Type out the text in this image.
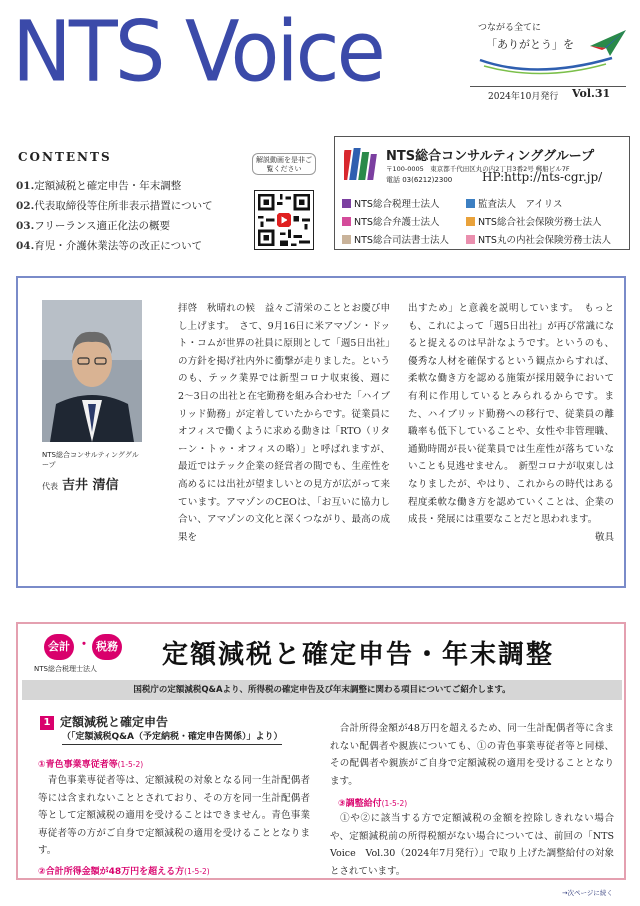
NTS Voice	つながる全てに
「ありがとう」を
2024年10月発行 Vol.31
CONTENTS
01.定額減税と確定申告・年末調整
02.代表取締役等住所非表示措置について
03.フリーランス適正化法の概要
04.育児・介護休業法等の改正について
解説動画を是非ご覧ください
NTS総合コンサルティンググループ
〒100-0005　東京都千代田区丸の内2丁目3番2号 郵船ビル7F
電話 03(6212)2300 HP:http://nts-cgr.jp/
NTS総合税理士法人	監査法人　アイリス
NTS総合弁護士法人	NTS総合社会保険労務士法人
NTS総合司法書士法人	NTS丸の内社会保険労務士法人
NTS総合コンサルティンググループ
代表 吉井 清信
拝啓　秋晴れの候　益々ご清栄のこととお慶び申し上げます。　さて、9月16日に米アマゾン・ドット・コムが世界の社員に原則として「週5日出社」の方針を掲げ社内外に衝撃が走りました。というのも、テック業界では新型コロナ収束後、週に2〜3日の出社と在宅勤務を組み合わせた「ハイブリッド勤務」が定着していたからです。従業員にオフィスで働くように求める動きは「RTO（リターン・トゥ・オフィスの略）」と呼ばれますが、最近ではテック企業の経営者の間でも、生産性を高めるには出社が望ましいとの見方が広がって来ています。アマゾンのCEOは、「お互いに協力し合い、アマゾンの文化と深くつながり、最高の成果を
出すため」と意義を説明しています。　もっとも、これによって「週5日出社」が再び常識になると捉えるのは早計なようです。というのも、優秀な人材を確保するという観点からすれば、柔軟な働き方を認める施策が採用競争において有利に作用しているとみられるからです。また、ハイブリッド勤務への移行で、従業員の離職率も低下していることや、女性や非管理職、通勤時間が長い従業員では生産性が落ちていないことも見逃せません。　新型コロナが収束しはなりましたが、やはり、これからの時代はある程度柔軟な働き方を認めていくことは、企業の成長・発展には重要なことだと思われます。
敬具
会計 ・ 税務
NTS総合税理士法人	定額減税と確定申告・年末調整
国税庁の定額減税Q&Aより、所得税の確定申告及び年末調整に関わる項目についてご紹介します。
1 定額減税と確定申告
（「定額減税Q&A（予定納税・確定申告関係）」より）
①青色事業専従者等(1-5-2)
　青色事業専従者等は、定額減税の対象となる同一生計配偶者等には含まれないこととされており、その方を同一生計配偶者等として定額減税の適用を受けることはできません。青色事業専従者等の方がご自身で定額減税の適用を受けることとなります。
②合計所得金額が48万円を超える方(1-5-2)
　合計所得金額が48万円を超えるため、同一生計配偶者等に含まれない配偶者や親族についても、①の青色事業専従者等と同様、その配偶者や親族がご自身で定額減税の適用を受けることとなります。
③調整給付(1-5-2)
　①や②に該当する方で定額減税の金額を控除しきれない場合や、定額減税前の所得税額がない場合については、前回の「NTS Voice　Vol.30（2024年7月発行）」で取り上げた調整給付の対象とされています。
→次ページに続く
